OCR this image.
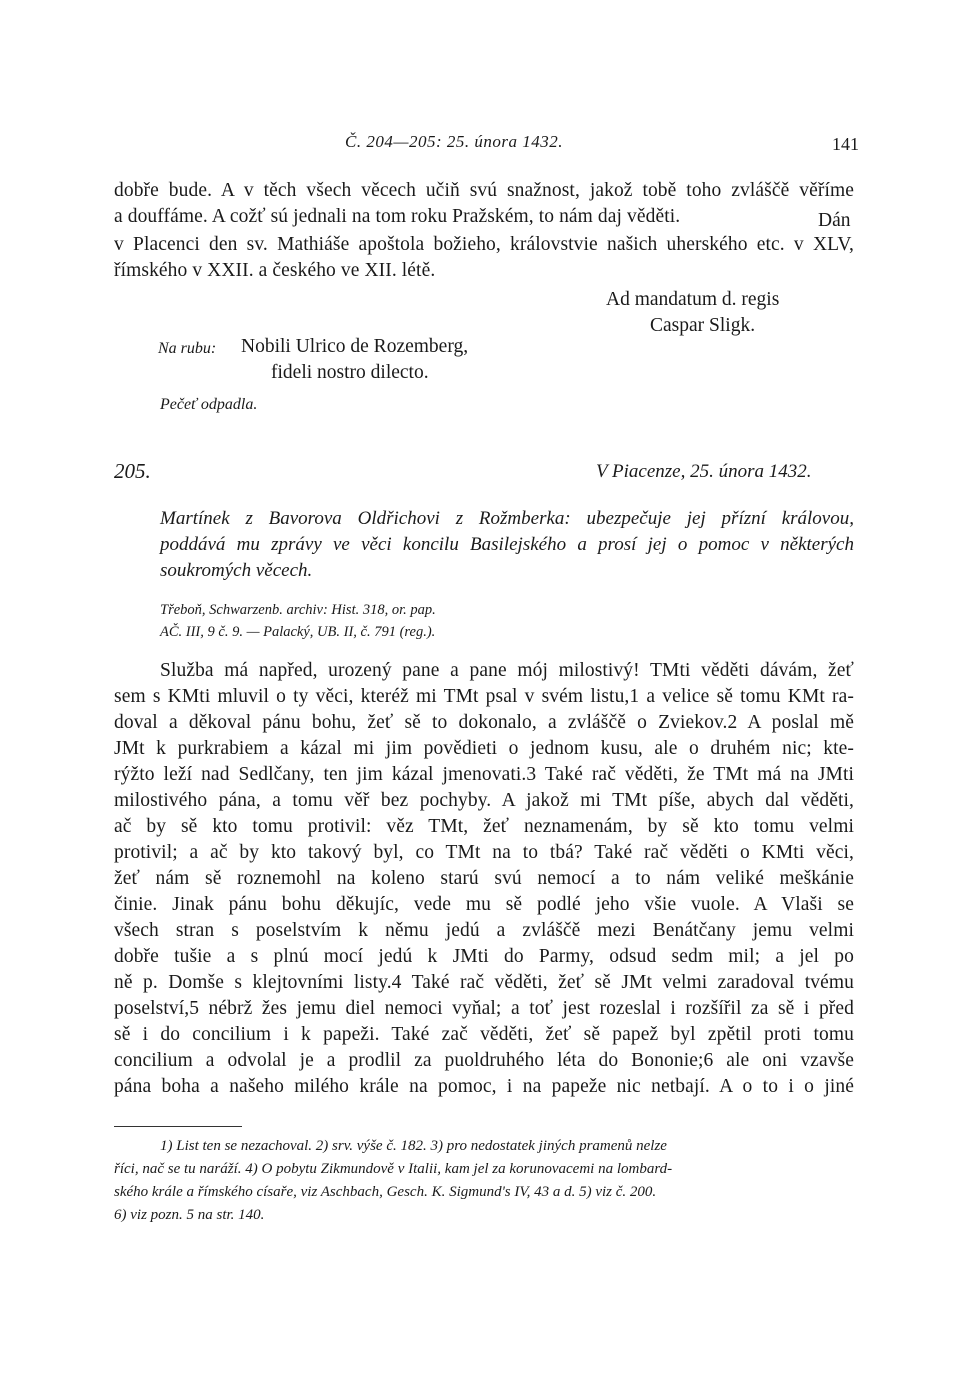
Č. 204—205: 25. února 1432.	141
dobře bude. A v těch všech věcech učiň svú snažnost, jakož tobě toho zvláščě věříme
a douffáme. A cožť sú jednali na tom roku Pražském, to nám daj věděti.	Dán
v Placenci den sv. Mathiáše apoštola božieho, královstvie našich uherského etc. v XLV,
římského v XXII. a českého ve XII. létě.
Ad mandatum d. regis
Caspar Sligk.
Na rubu: Nobili Ulrico de Rozemberg,
fideli nostro dilecto.
Pečeť odpadla.
205.	V Piacenze, 25. února 1432.
Martínek z Bavorova Oldřichovi z Rožmberka: ubezpečuje jej přízní královou,
poddává mu zprávy ve věci koncilu Basilejského a prosí jej o pomoc v některých
soukromých věcech.
Třeboň, Schwarzenb. archiv: Hist. 318, or. pap.
AČ. III, 9 č. 9. — Palacký, UB. II, č. 791 (reg.).
Služba má napřed, urozený pane a pane mój milostivý! TMti věděti dávám, žeť
sem s KMti mluvil o ty věci, kteréž mi TMt psal v svém listu,1 a velice sě tomu KMt ra-
doval a děkoval pánu bohu, žeť sě to dokonalo, a zvláščě o Zviekov.2 A poslal mě
JMt k purkrabiem a kázal mi jim povědieti o jednom kusu, ale o druhém nic; kte-
rýžto leží nad Sedlčany, ten jim kázal jmenovati.3 Také rač věděti, že TMt má na JMti
milostivého pána, a tomu věř bez pochyby. A jakož mi TMt píše, abych dal věděti,
ač by sě kto tomu protivil: věz TMt, žeť neznamenám, by sě kto tomu velmi
protivil; a ač by kto takový byl, co TMt na to tbá? Také rač věděti o KMti věci,
žeť nám sě roznemohl na koleno starú svú nemocí a to nám veliké meškánie
činie. Jinak pánu bohu děkujíc, vede mu sě podlé jeho všie vuole. A Vlaši se
všech stran s poselstvím k němu jedú a zvláščě mezi Benátčany jemu velmi
dobře tušie a s plnú mocí jedú k JMti do Parmy, odsud sedm mil; a jel po
ně p. Domše s klejtovními listy.4 Také rač věděti, žeť sě JMt velmi zaradoval tvému
poselství,5 nébrž žes jemu diel nemoci vyňal; a toť jest rozeslal i rozšířil za sě i před
sě i do concilium i k papeži. Také zač věděti, žeť sě papež byl zpětil proti tomu
concilium a odvolal je a prodlil za puoldruhého léta do Bononie;6 ale oni vzavše
pána boha a našeho milého krále na pomoc, i na papeže nic netbají. A o to i o jiné
1) List ten se nezachoval. 2) srv. výše č. 182. 3) pro nedostatek jiných pramenů nelze
říci, nač se tu naráží. 4) O pobytu Zikmundově v Italii, kam jel za korunovacemi na lombard-
ského krále a římského císaře, viz Aschbach, Gesch. K. Sigmund's IV, 43 a d. 5) viz č. 200.
6) viz pozn. 5 na str. 140.
